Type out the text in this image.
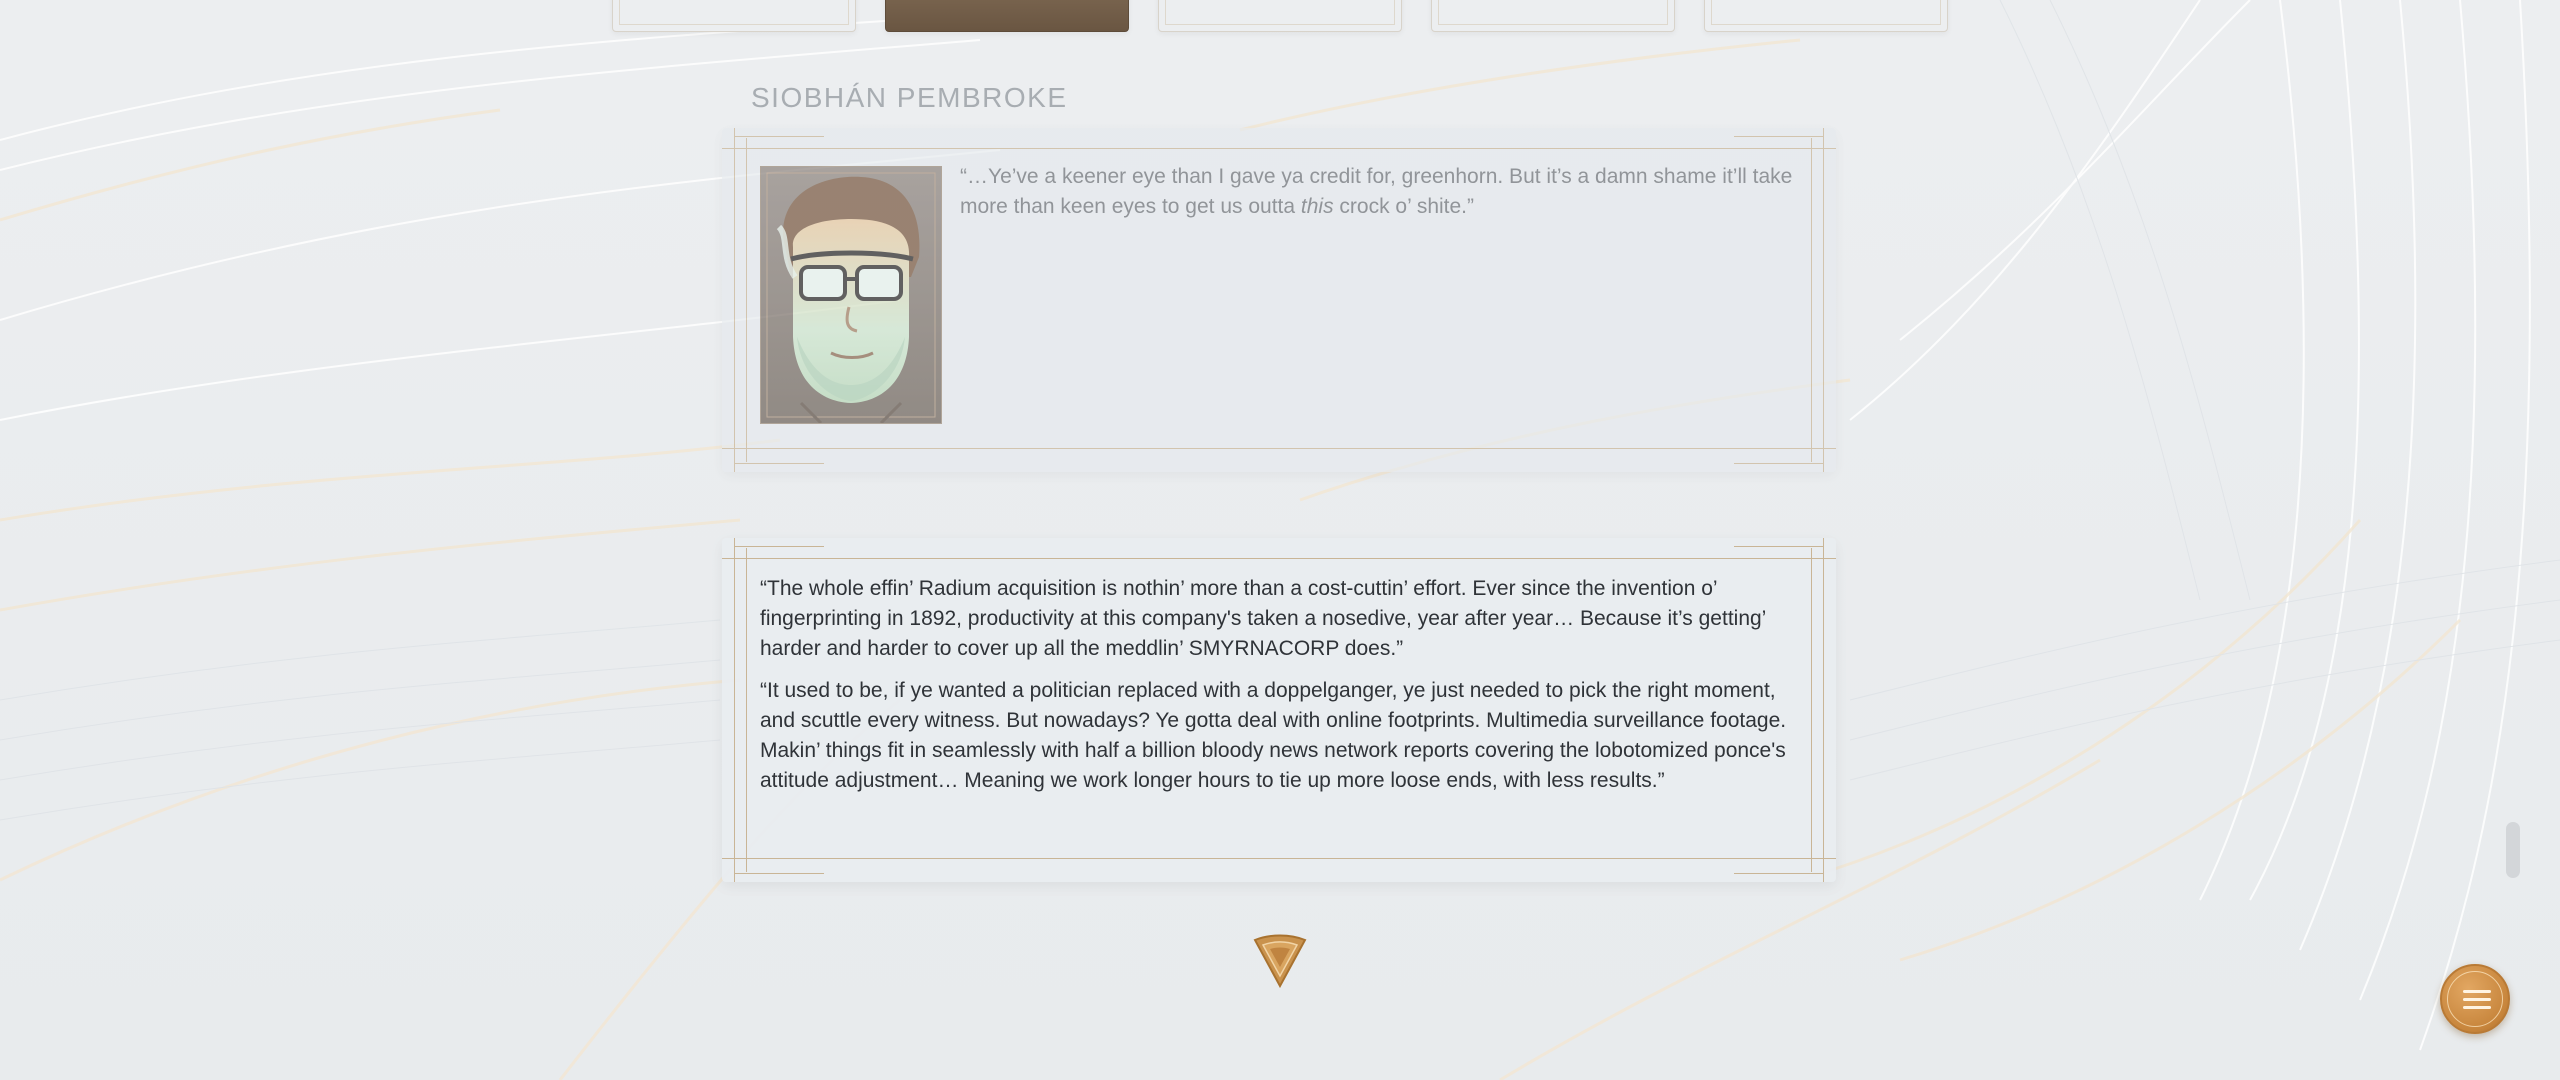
SIOBHÁN PEMBROKE
“…Ye’ve a keener eye than I gave ya credit for, greenhorn. But it’s a damn shame it’ll take more than keen eyes to get us outta this crock o’ shite.”

“The whole effin’ Radium acquisition is nothin’ more than a cost-cuttin’ effort. Ever since the invention o’ fingerprinting in 1892, productivity at this company's taken a nosedive, year after year… Because it’s getting’ harder and harder to cover up all the meddlin’ SMYRNACORP does.”

“It used to be, if ye wanted a politician replaced with a doppelganger, ye just needed to pick the right moment, and scuttle every witness. But nowadays? Ye gotta deal with online footprints. Multimedia surveillance footage. Makin’ things fit in seamlessly with half a billion bloody news network reports covering the lobotomized ponce's attitude adjustment… Meaning we work longer hours to tie up more loose ends, with less results.”
